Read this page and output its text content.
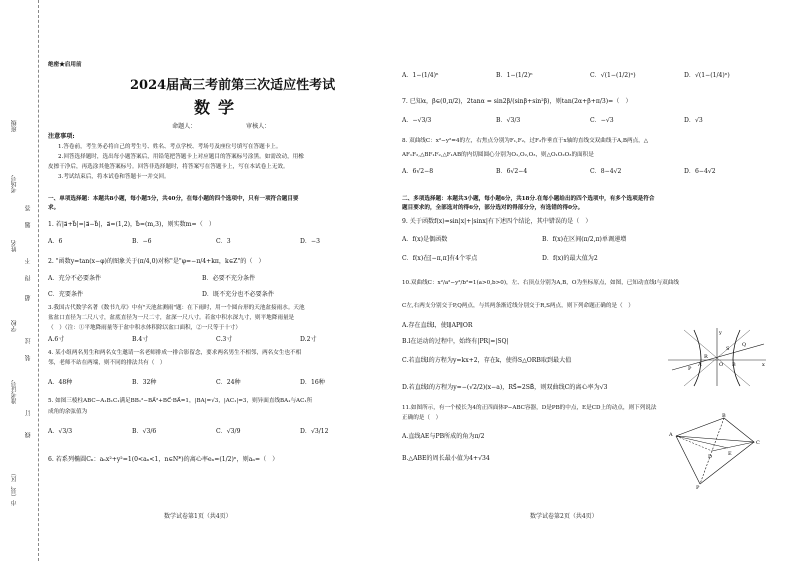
班级
考场号
姓名
学校
准考证号
市（县、区）
答
题
不
得
超
过
装
订
线
绝密★启用前
2024届高三考前第三次适应性考试
数学
命题人：	审核人：
注意事项:
1.答卷前，考生务必将自己的考生号、姓名、考点学校、考场号及座位号填写在答题卡上。
2.回答选择题时，选出每小题答案后，用铅笔把答题卡上对应题目的答案标号涂黑。如需改动，用橡
皮擦干净后，再选涂其他答案标号。回答非选择题时，将答案写在答题卡上，写在本试卷上无效。
3.考试结束后，将本试卷和答题卡一并交回。
一、单项选择题：本题共8小题，每小题5分，共40分，在每小题的四个选项中，只有一项符合题目要
求。
1. 若|a⃗+b⃗|=|a⃗−b⃗|，a⃗=(1,2)，b⃗=(m,3)，则实数m=（　）
A．6	B．−6	C．3	D．−3
2. "函数y=tan(x−φ)的图象关于(π/4,0)对称"是"φ=−π/4+kπ，k∈Z"的（　）
A．充分不必要条件	B．必要不充分条件
C．充要条件	D．既不充分也不必要条件
3.我国古代数学名著《数书九章》中有"天池盆测雨"题：在下雨时，用一个圆台形的天池盆接雨水。天池
盆盆口直径为二尺八寸，盆底直径为一尺二寸，盆深一尺八寸。若盆中积水深九寸，则平地降雨量是
（　）（注：①平地降雨量等于盆中积水体积除以盆口面积，②一尺等于十寸）
A.6寸	B.4寸	C.3寸	D.2寸
4. 某小组两名男生和两名女生邀请一名老师排成一排合影留念，要求两名男生不相邻，两名女生也不相
邻，老师不站在两端，则不同的排法共有（　）
A．48种	B．32种	C．24种	D．16种
5. 如图三棱柱ABC−A₁B₁C₁满足BB₁²−BA⃗²+BC⃗·BA⃗=1，|BA|=√3，|AC₁|=3，则异面直线BA₁与AC₁所
成角的余弦值为
A．√3/3	B．√3/6	C．√3/9	D．√3/12
6. 若系列椭圆Cₙ：aₙx²+y²=1(0<aₙ<1，n∈N*)的离心率eₙ=(1/2)ⁿ，则aₙ=（　）
数学试卷第1页（共4页）
A．1−(1/4)ⁿ	B．1−(1/2)ⁿ	C．√(1−(1/2)ⁿ)	D．√(1−(1/4)ⁿ)
7. 已知α，β∈(0,π/2)，2tanα = sin2β/(sinβ+sin²β)，则tan(2α+β+π/3)=（　）
A．−√3/3	B．√3/3	C．−√3	D．√3
8. 双曲线C：x²−y²=4的左，右焦点分别为F₁,F₂，过F₂作垂直于x轴的直线交双曲线于A,B两点，△
AF₁F₂,△BF₁F₂,△F₁AB的内切圆圆心分别为O₁,O₂,O₃，则△O₁O₂O₃的面积是
A．6√2−8	B．6√2−4	C．8−4√2	D．6−4√2
二、多项选择题：本题共3小题，每小题6分，共18分.在每小题给出的四个选项中，有多个选项是符合
题目要求的，全部选对的得6分，部分选对的得部分分，有选错的得0分。
9. 关于函数f(x)=sin|x|+|sinx|有下述四个结论，其中错误的是（　）
A．f(x)是偶函数	B．f(x)在区间(π/2,π)单调递增
C．f(x)在[−π,π]有4个零点	D．f(x)的最大值为2
10.双曲线C：x²/a²−y²/b²=1(a>0,b>0)，左、右顶点分别为A,B，O为坐标原点，如图，已知动直线l与双曲线
C左,右两支分别交于P,Q两点，与其两条渐近线分别交于R,S两点，则下列命题正确的是（　）
A.存在直线l，使l∥AP∥OR
B.l在运动的过程中，始终有|PR|=|SQ|
C.若直线l的方程为y=kx+2，存在k，使得S△ORB取到最大值
D.若直线l的方程为y=−(√2/2)(x−a)，RS⃗=2SB⃗，则双曲线C的离心率为√3
y
x
O
A	B
P
Q
R
S
11.如图所示，有一个棱长为4的正四面体P−ABC容器，D是PB的中点，E是CD上的动点，则下列说法
正确的是（　）
A.直线AE与PB所成的角为π/2
B.△ABE的周长最小值为4+√34
P
A
B
C
D	E
数学试卷第2页（共4页）
